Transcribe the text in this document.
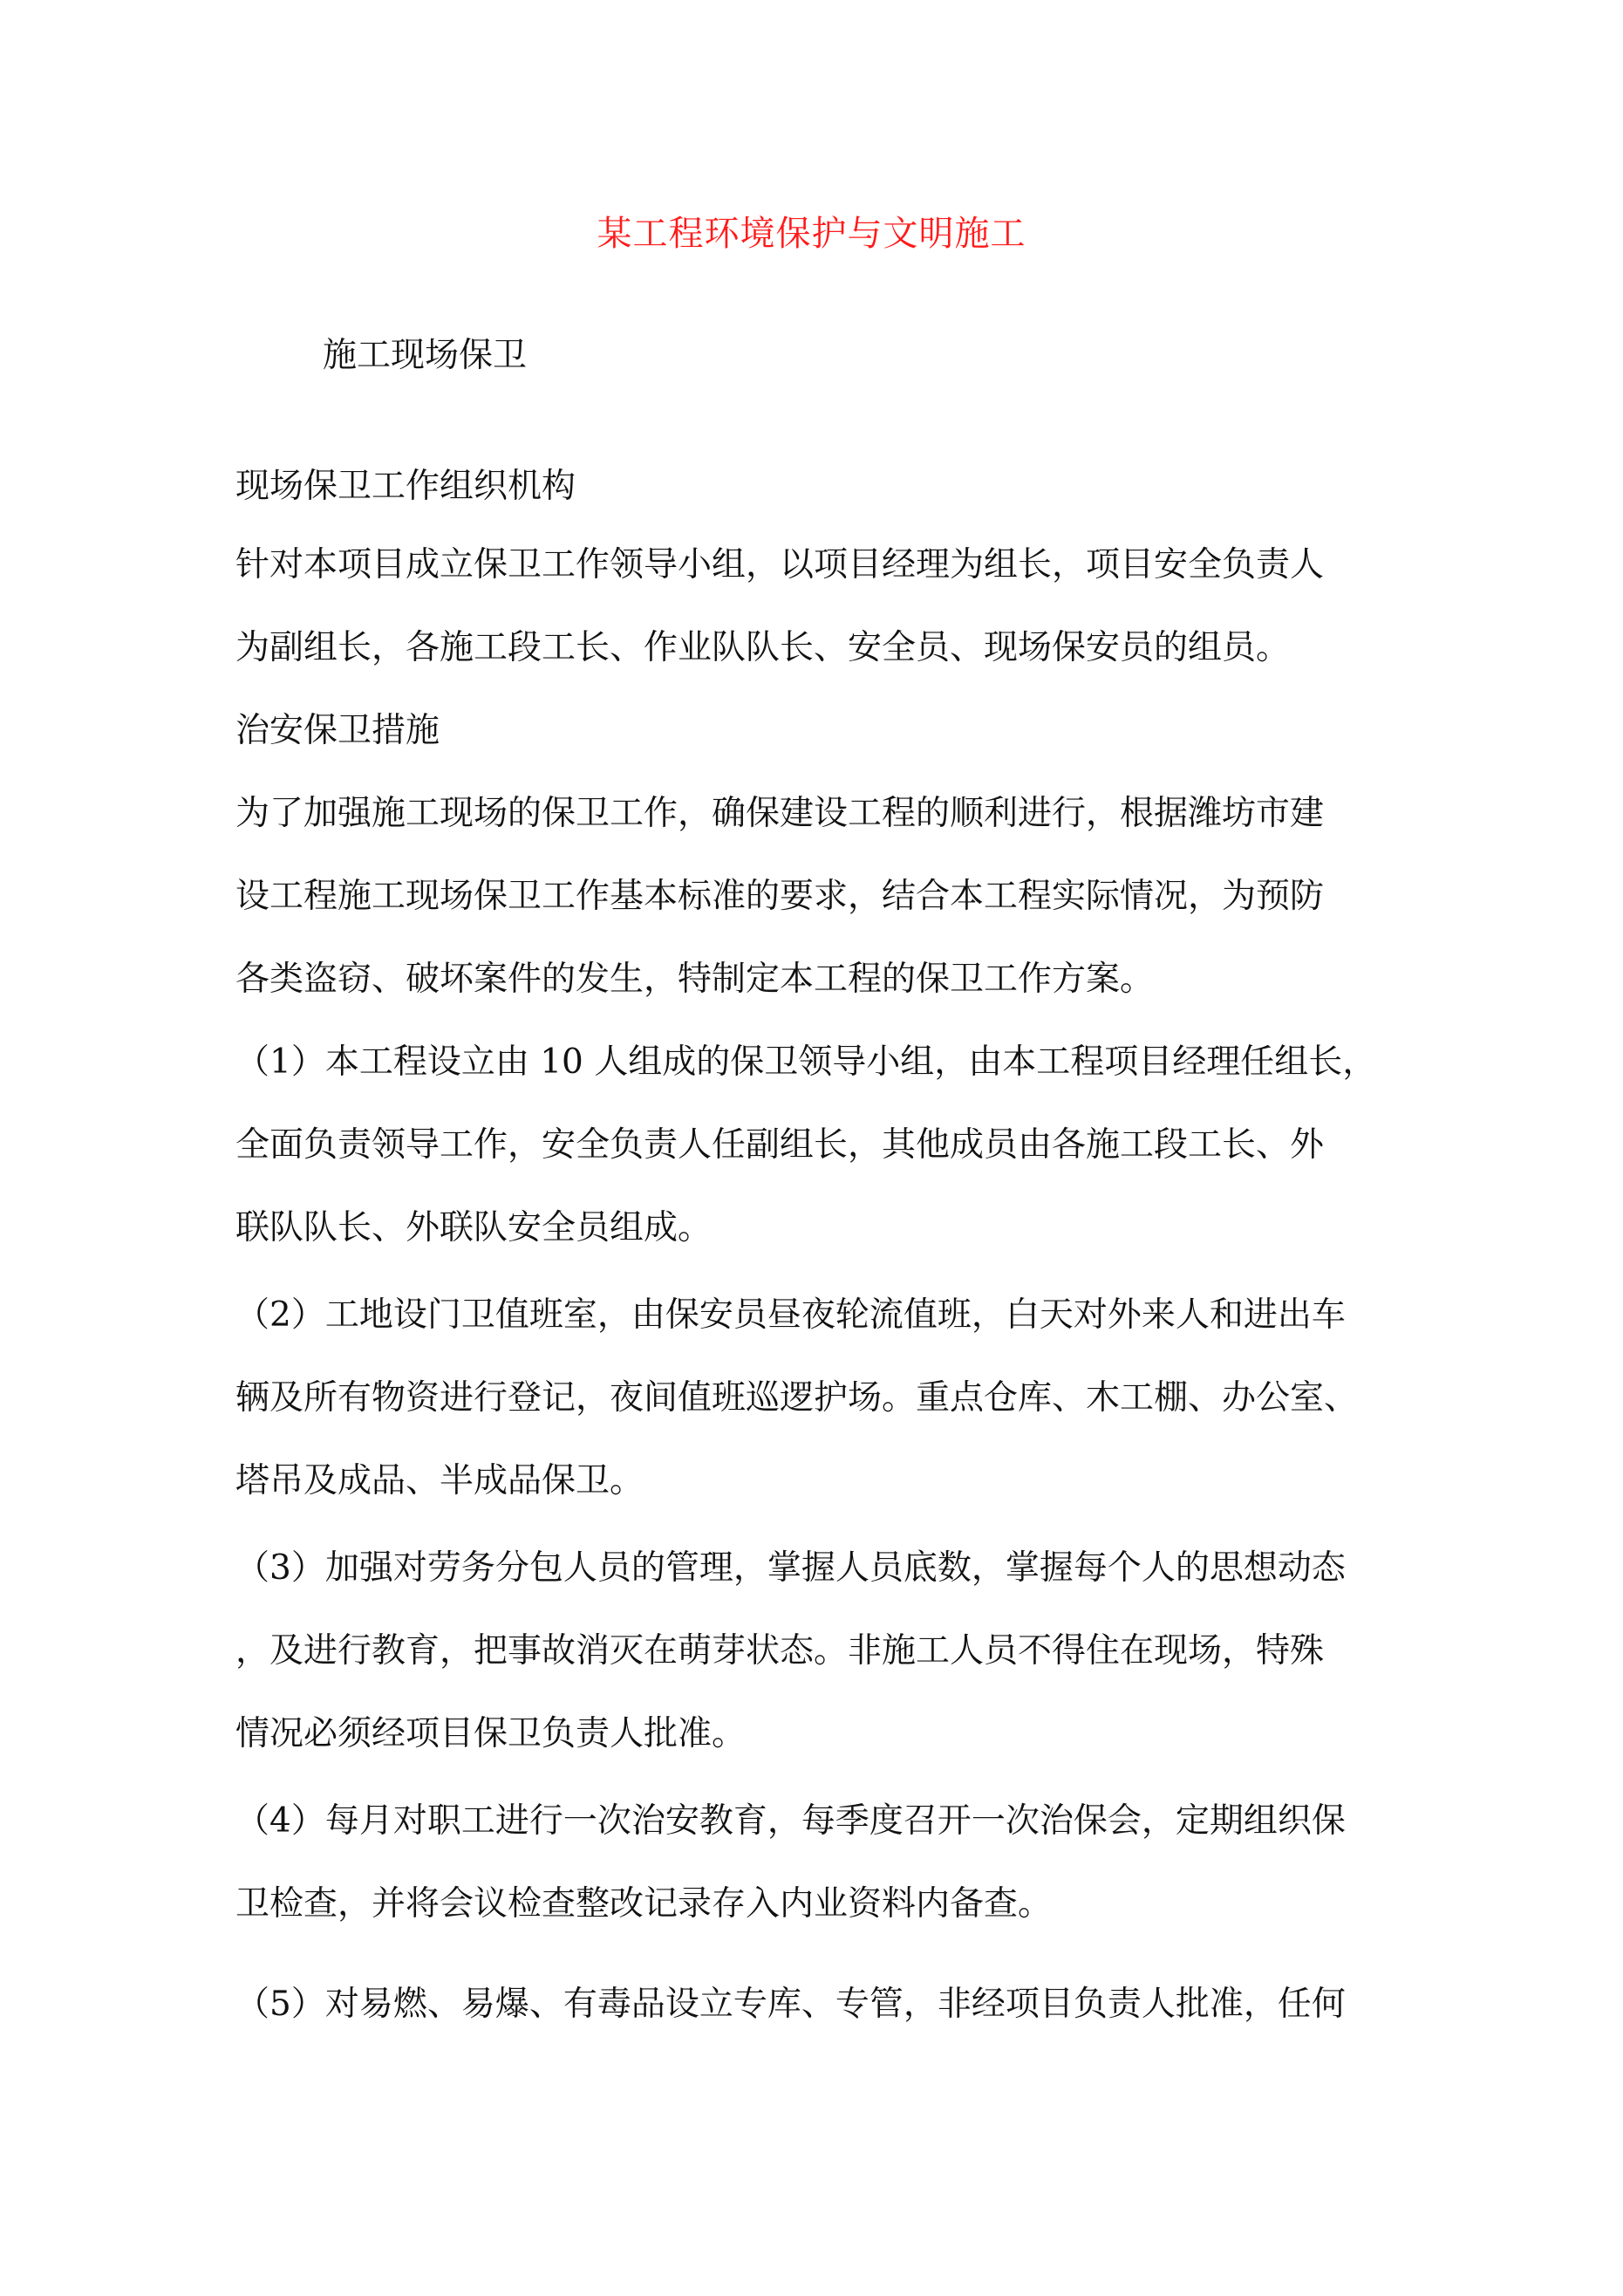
某工程环境保护与文明施工
施工现场保卫

现场保卫工作组织机构

针对本项目成立保卫工作领导小组，以项目经理为组长，项目安全负责人

为副组长，各施工段工长、作业队队长、安全员、现场保安员的组员。

治安保卫措施

为了加强施工现场的保卫工作，确保建设工程的顺利进行，根据潍坊市建

设工程施工现场保卫工作基本标准的要求，结合本工程实际情况，为预防

各类盗窃、破坏案件的发生，特制定本工程的保卫工作方案。

（1）本工程设立由 10 人组成的保卫领导小组，由本工程项目经理任组长，

全面负责领导工作，安全负责人任副组长，其他成员由各施工段工长、外

联队队长、外联队安全员组成。

（2）工地设门卫值班室，由保安员昼夜轮流值班，白天对外来人和进出车

辆及所有物资进行登记，夜间值班巡逻护场。重点仓库、木工棚、办公室、

塔吊及成品、半成品保卫。

（3）加强对劳务分包人员的管理，掌握人员底数，掌握每个人的思想动态

，及进行教育，把事故消灭在萌芽状态。非施工人员不得住在现场，特殊

情况必须经项目保卫负责人批准。

（4）每月对职工进行一次治安教育，每季度召开一次治保会，定期组织保

卫检查，并将会议检查整改记录存入内业资料内备查。

（5）对易燃、易爆、有毒品设立专库、专管，非经项目负责人批准，任何
